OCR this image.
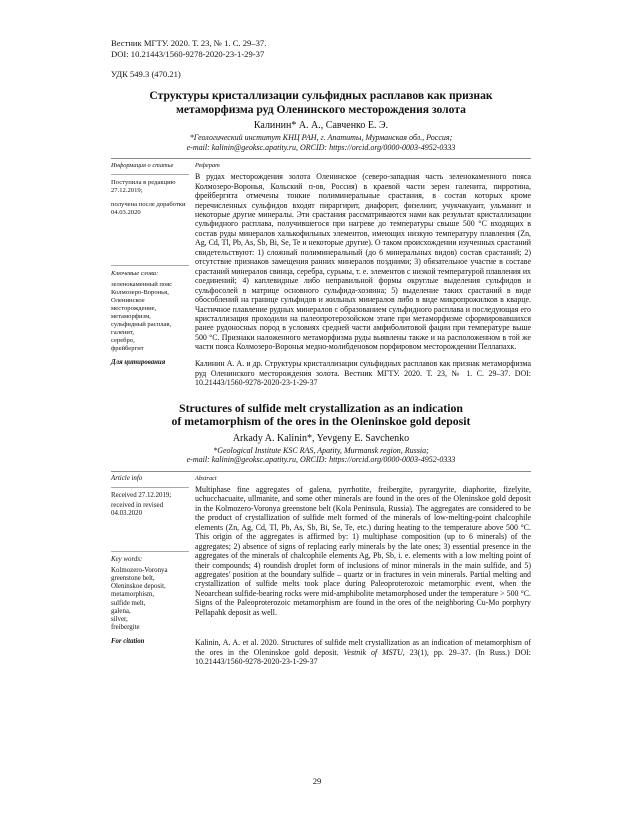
Вестник МГТУ. 2020. Т. 23, № 1. С. 29–37.
DOI: 10.21443/1560-9278-2020-23-1-29-37
УДК 549.3 (470.21)
Структуры кристаллизации сульфидных расплавов как признак
метаморфизма руд Оленинского месторождения золота
Калинин* А. А., Савченко Е. Э.
*Геологический институт КНЦ РАН, г. Апатиты, Мурманская обл., Россия;
e-mail: kalinin@geoksc.apatity.ru, ORCID: https://orcid.org/0000-0003-4952-0333
Информация о статье	Реферат
Поступила в редакцию 27.12.2019;
получена после доработки 04.03.2020
Ключевые слова:
зеленокаменный пояс Колмозеро-Воронья,
Оленинское месторождение,
метаморфизм,
сульфидный расплав,
галенит,
серебро,
фрейбергит
В рудах месторождения золота Оленинское (северо-западная часть зеленокаменного пояса Колмозеро-Воронья, Кольский п-ов, Россия) в краевой части зерен галенита, пирротина, фрейбергита отмечены тонкие полиминеральные срастания, в состав которых кроме перечисленных сульфидов входят пираргирит, диафорит, физелиит, учукчакуаит, ульманит и некоторые другие минералы. Эти срастания рассматриваются нами как результат кристаллизации сульфидного расплава, получившегося при нагреве до температуры свыше 500 °C входящих в состав руды минералов халькофильных элементов, имеющих низкую температуру плавления (Zn, Ag, Cd, Tl, Pb, As, Sb, Bi, Se, Te и некоторые другие). О таком происхождении изученных срастаний свидетельствуют: 1) сложный полиминеральный (до 6 минеральных видов) состав срастаний; 2) отсутствие признаков замещения ранних минералов поздними; 3) обязательное участие в составе срастаний минералов свинца, серебра, сурьмы, т. е. элементов с низкой температурой плавления их соединений; 4) каплевидные либо неправильной формы округлые выделения сульфидов и сульфосолей в матрице основного сульфида-хозяина; 5) выделение таких срастаний в виде обособлений на границе сульфидов и жильных минералов либо в виде микропрожилков в кварце. Частичное плавление рудных минералов с образованием сульфидного расплава и последующая его кристаллизация проходили на палеопротерозойском этапе при метаморфизме сформировавшихся ранее рудоносных пород в условиях средней части амфиболитовой фации при температуре выше 500 °C. Признаки наложенного метаморфизма руды выявлены также и на расположенном в той же части пояса Колмозеро-Воронья медно-молибденовом порфировом месторождении Пеллапахк.
Для цитирования	Калинин А. А. и др. Структуры кристаллизации сульфидных расплавов как признак метаморфизма руд Оленинского месторождения золота. Вестник МГТУ. 2020. Т. 23, № 1. С. 29–37. DOI: 10.21443/1560-9278-2020-23-1-29-37
Structures of sulfide melt crystallization as an indication
of metamorphism of the ores in the Oleninskoe gold deposit
Arkady A. Kalinin*, Yevgeny E. Savchenko
*Geological Institute KSC RAS, Apatity, Murmansk region, Russia;
e-mail: kalinin@geoksc.apatity.ru, ORCID: https://orcid.org/0000-0003-4952-0333
Article info	Abstract
Received 27.12.2019;
received in revised 04.03.2020
Key words:
Kolmozero-Voronya greenstone belt,
Oleninskoe deposit,
metamorphism,
sulfide melt,
galena,
silver,
freibergite
Multiphase fine aggregates of galena, pyrrhotite, freibergite, pyrargyrite, diaphorite, fizelyite, uchucchacuaite, ullmanite, and some other minerals are found in the ores of the Oleninskoe gold deposit in the Kolmozero-Voronya greenstone belt (Kola Peninsula, Russia). The aggregates are considered to be the product of crystallization of sulfide melt formed of the minerals of low-melting-point chalcophile elements (Zn, Ag, Cd, Tl, Pb, As, Sb, Bi, Se, Te, etc.) during heating to the temperature above 500 °C. This origin of the aggregates is affirmed by: 1) multiphase composition (up to 6 minerals) of the aggregates; 2) absence of signs of replacing early minerals by the late ones; 3) essential presence in the aggregates of the minerals of chalcophile elements Ag, Pb, Sb, i. e. elements with a low melting point of their compounds; 4) roundish droplet form of inclusions of minor minerals in the main sulfide, and 5) aggregates' position at the boundary sulfide – quartz or in fractures in vein minerals. Partial melting and crystallization of sulfide melts took place during Paleoproterozoic metamorphic event, when the Neoarchean sulfide-bearing rocks were mid-amphibolite metamorphosed under the temperature > 500 °C. Signs of the Paleoproterozoic metamorphism are found in the ores of the neighboring Cu-Mo porphyry Pellapahk deposit as well.
For citation	Kalinin, A. A. et al. 2020. Structures of sulfide melt crystallization as an indication of metamorphism of the ores in the Oleninskoe gold deposit. Vestnik of MSTU, 23(1), pp. 29–37. (In Russ.) DOI: 10.21443/1560-9278-2020-23-1-29-37
29
